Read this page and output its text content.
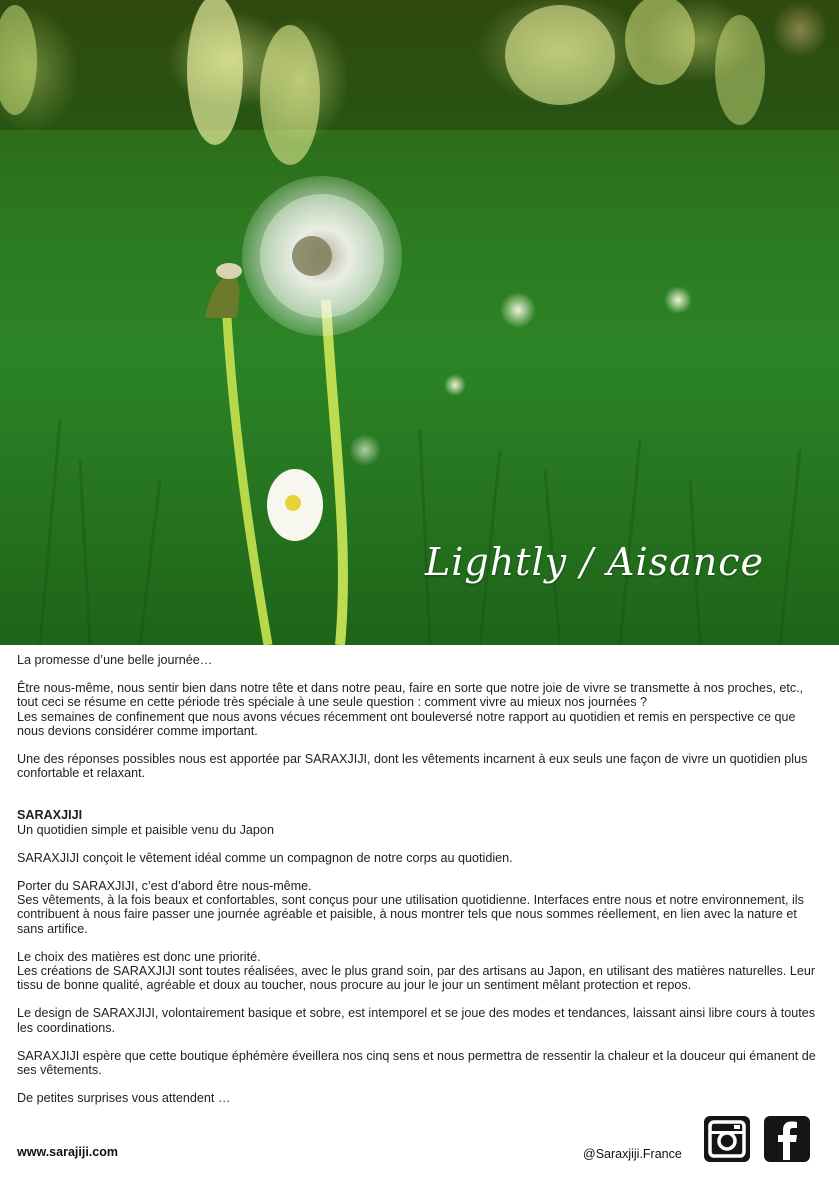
Lightly / Aisance

La promesse d’une belle journée…

Être nous-même, nous sentir bien dans notre tête et dans notre peau, faire en sorte que notre joie de vivre se transmette à nos proches, etc., tout ceci se résume en cette période très spéciale à une seule question : comment vivre au mieux nos journées ?

Les semaines de confinement que nous avons vécues récemment ont bouleversé notre rapport au quotidien et remis en perspective ce que nous devions considérer comme important.

Une des réponses possibles nous est apportée par SARAXJIJI, dont les vêtements incarnent à eux seuls une façon de vivre un quotidien plus confortable et relaxant.

SARAXJIJI

Un quotidien simple et paisible venu du Japon

SARAXJIJI conçoit le vêtement idéal comme un compagnon de notre corps au quotidien.

Porter du SARAXJIJI, c’est d’abord être nous-même.

Ses vêtements, à la fois beaux et confortables, sont conçus pour une utilisation quotidienne. Interfaces entre nous et notre environnement, ils contribuent à nous faire passer une journée agréable et paisible, à nous montrer tels que nous sommes réellement, en lien avec la nature et sans artifice.

Le choix des matières est donc une priorité.

Les créations de SARAXJIJI sont toutes réalisées, avec le plus grand soin, par des artisans au Japon, en utilisant des matières naturelles. Leur tissu de bonne qualité, agréable et doux au toucher, nous procure au jour le jour un sentiment mêlant protection et repos.

Le design de SARAXJIJI, volontairement basique et sobre, est intemporel et se joue des modes et tendances, laissant ainsi libre cours à toutes les coordinations.

SARAXJIJI espère que cette boutique éphémère éveillera nos cinq sens et nous permettra de ressentir la chaleur et la douceur qui émanent de ses vêtements.

De petites surprises vous attendent …

www.sarajiji.com	@Saraxjiji.France
